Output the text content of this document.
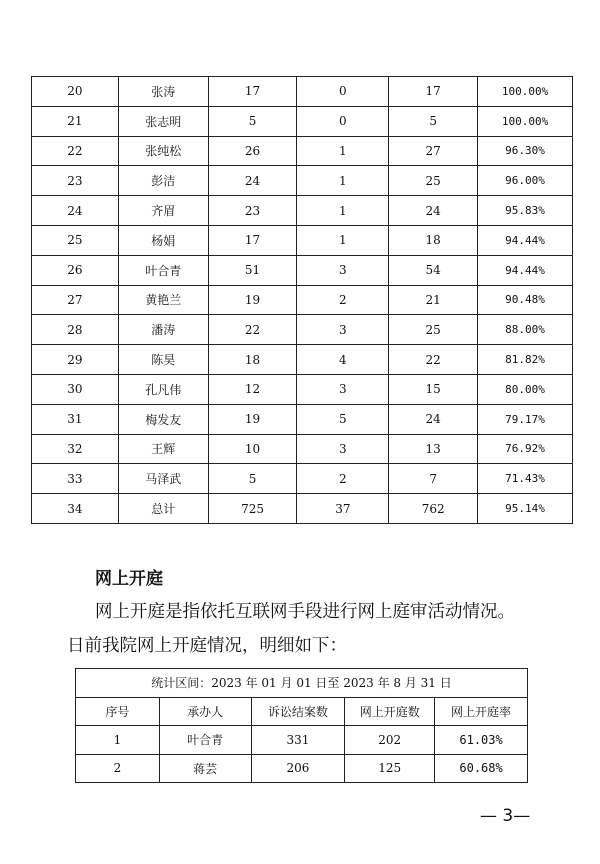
20	张涛	17	0	17	100.00%
21	张志明	5	0	5	100.00%
22	张纯松	26	1	27	96.30%
23	彭洁	24	1	25	96.00%
24	齐眉	23	1	24	95.83%
25	杨娟	17	1	18	94.44%
26	叶合青	51	3	54	94.44%
27	黄艳兰	19	2	21	90.48%
28	潘涛	22	3	25	88.00%
29	陈昊	18	4	22	81.82%
30	孔凡伟	12	3	15	80.00%
31	梅发友	19	5	24	79.17%
32	王辉	10	3	13	76.92%
33	马泽武	5	2	7	71.43%
34	总计	725	37	762	95.14%
网上开庭
网上开庭是指依托互联网手段进行网上庭审活动情况。
日前我院网上开庭情况，明细如下：
统计区间：2023 年 01 月 01 日至 2023 年 8 月 31 日				
序号	承办人	诉讼结案数	网上开庭数	网上开庭率
1	叶合青	331	202	61.03%
2	蒋芸	206	125	60.68%
— 3—
